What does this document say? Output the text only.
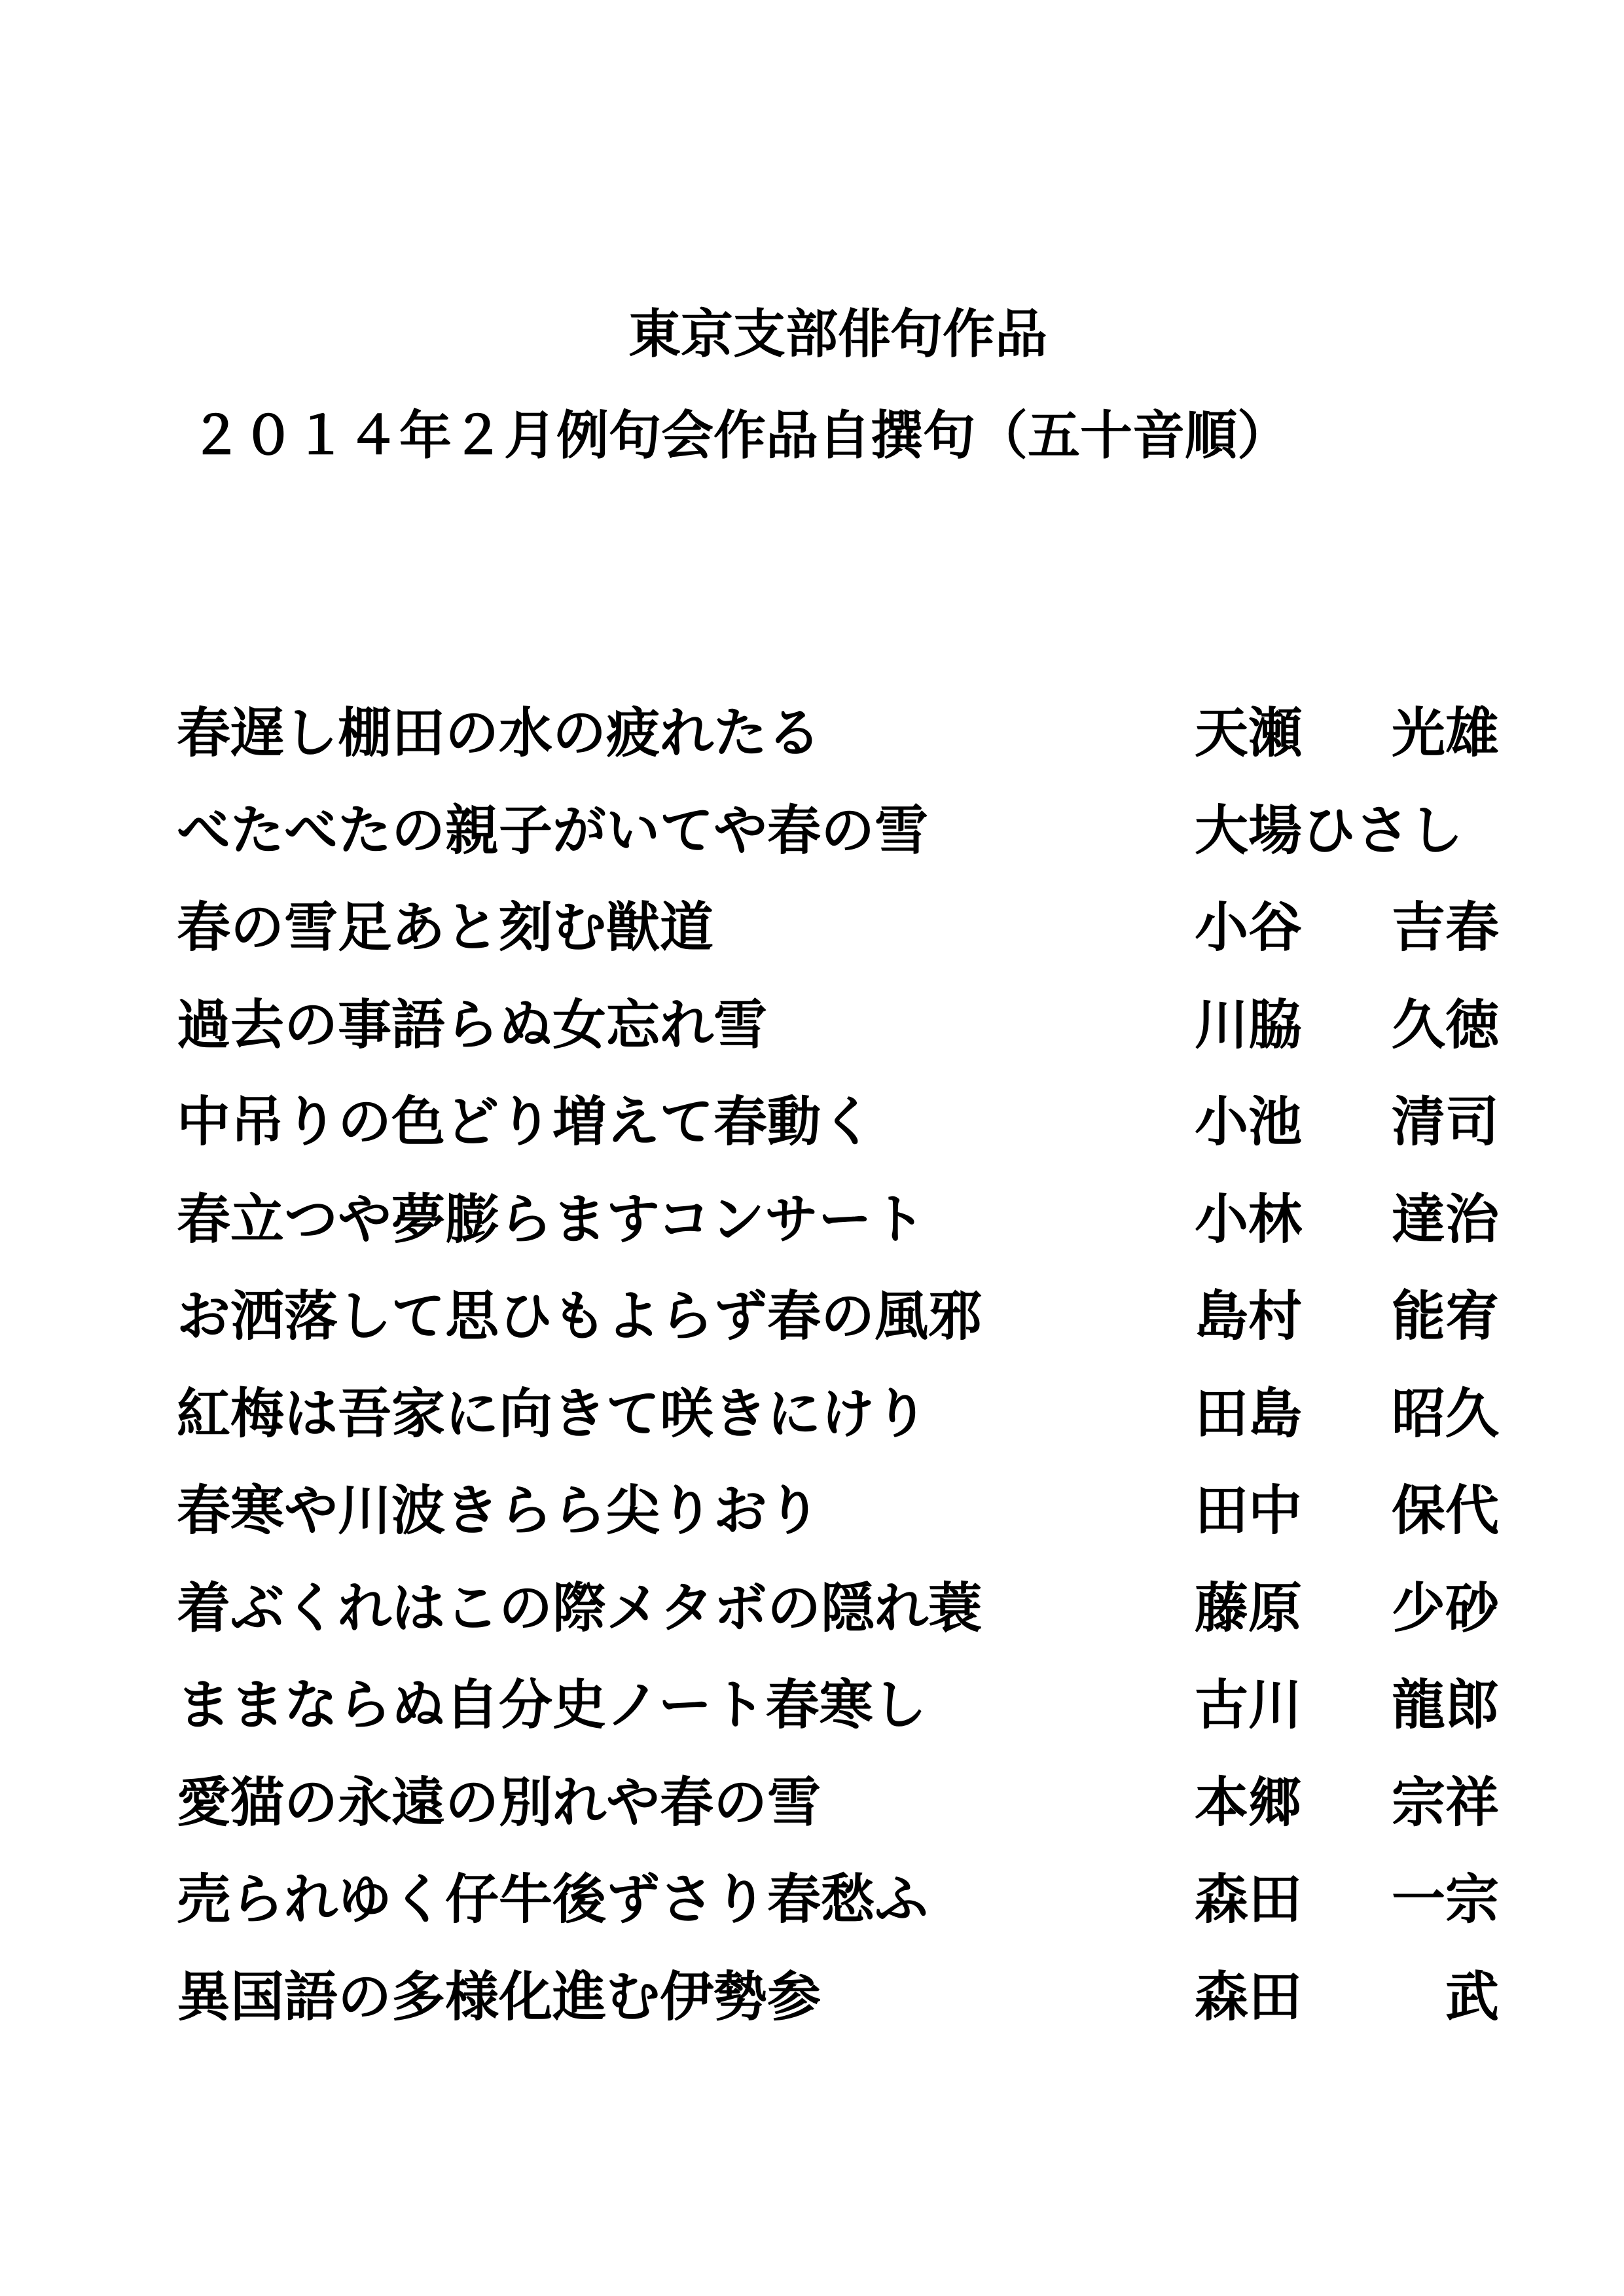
東京支部俳句作品
２０１４年２月例句会作品自撰句（五十音順）
春遅し棚田の水の疲れたる	天瀬 光雄
べたべたの親子がいてや春の雪	大場ひさし
春の雪足あと刻む獣道	小谷 吉春
過去の事語らぬ女忘れ雪	川脇 久徳
中吊りの色どり増えて春動く	小池 清司
春立つや夢膨らますコンサート	小林 達治
お洒落して思ひもよらず春の風邪	島村 能宥
紅梅は吾家に向きて咲きにけり	田島 昭久
春寒や川波きらら尖りおり	田中 保代
着ぶくれはこの際メタボの隠れ蓑	藤原 少砂
ままならぬ自分史ノート春寒し	古川 龍郎
愛猫の永遠の別れや春の雪	本郷 宗祥
売られゆく仔牛後ずさり春愁ふ	森田 一宗
異国語の多様化進む伊勢参	森田	武
